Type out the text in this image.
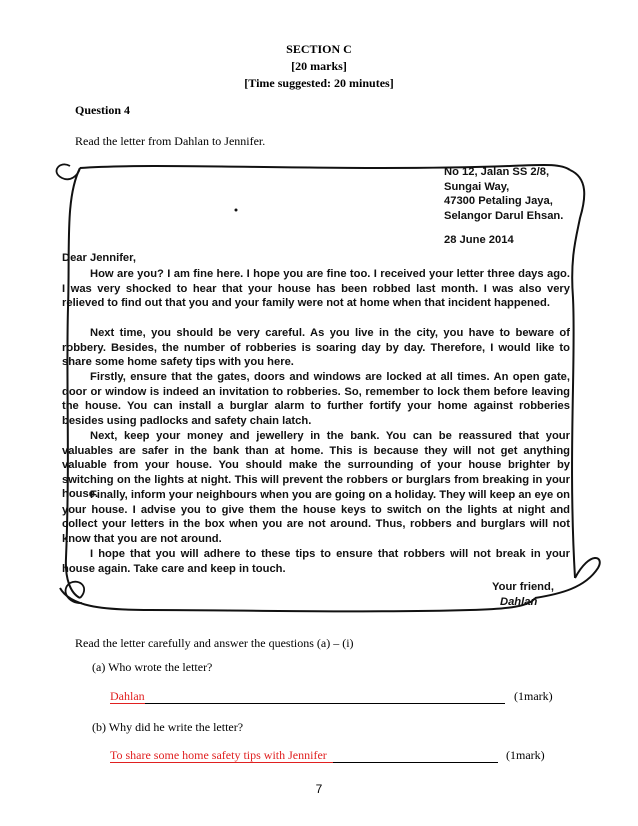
SECTION C
[20 marks]
[Time suggested: 20 minutes]
Question 4
Read the letter from Dahlan to Jennifer.
No 12, Jalan SS 2/8,
Sungai Way,
47300 Petaling Jaya,
Selangor Darul Ehsan.
28 June 2014
Dear Jennifer,
How are you? I am fine here. I hope you are fine too. I received your letter three days ago. I was very shocked to hear that your house has been robbed last month. I was also very relieved to find out that you and your family were not at home when that incident happened.
Next time, you should be very careful. As you live in the city, you have to beware of robbery. Besides, the number of robberies is soaring day by day. Therefore, I would like to share some home safety tips with you here.
Firstly, ensure that the gates, doors and windows are locked at all times. An open gate, door or window is indeed an invitation to robberies. So, remember to lock them before leaving the house. You can install a burglar alarm to further fortify your home against robberies besides using padlocks and safety chain latch.
Next, keep your money and jewellery in the bank. You can be reassured that your valuables are safer in the bank than at home. This is because they will not get anything valuable from your house. You should make the surrounding of your house brighter by switching on the lights at night. This will prevent the robbers or burglars from breaking in your house.
Finally, inform your neighbours when you are going on a holiday. They will keep an eye on your house. I advise you to give them the house keys to switch on the lights at night and collect your letters in the box when you are not around. Thus, robbers and burglars will not know that you are not around.
I hope that you will adhere to these tips to ensure that robbers will not break in your house again. Take care and keep in touch.
Your friend,
Dahlan
Read the letter carefully and answer the questions (a) – (i)
(a) Who wrote the letter?
Dahlan	(1mark)
(b) Why did he write the letter?
To share some home safety tips with Jennifer	(1mark)
7
